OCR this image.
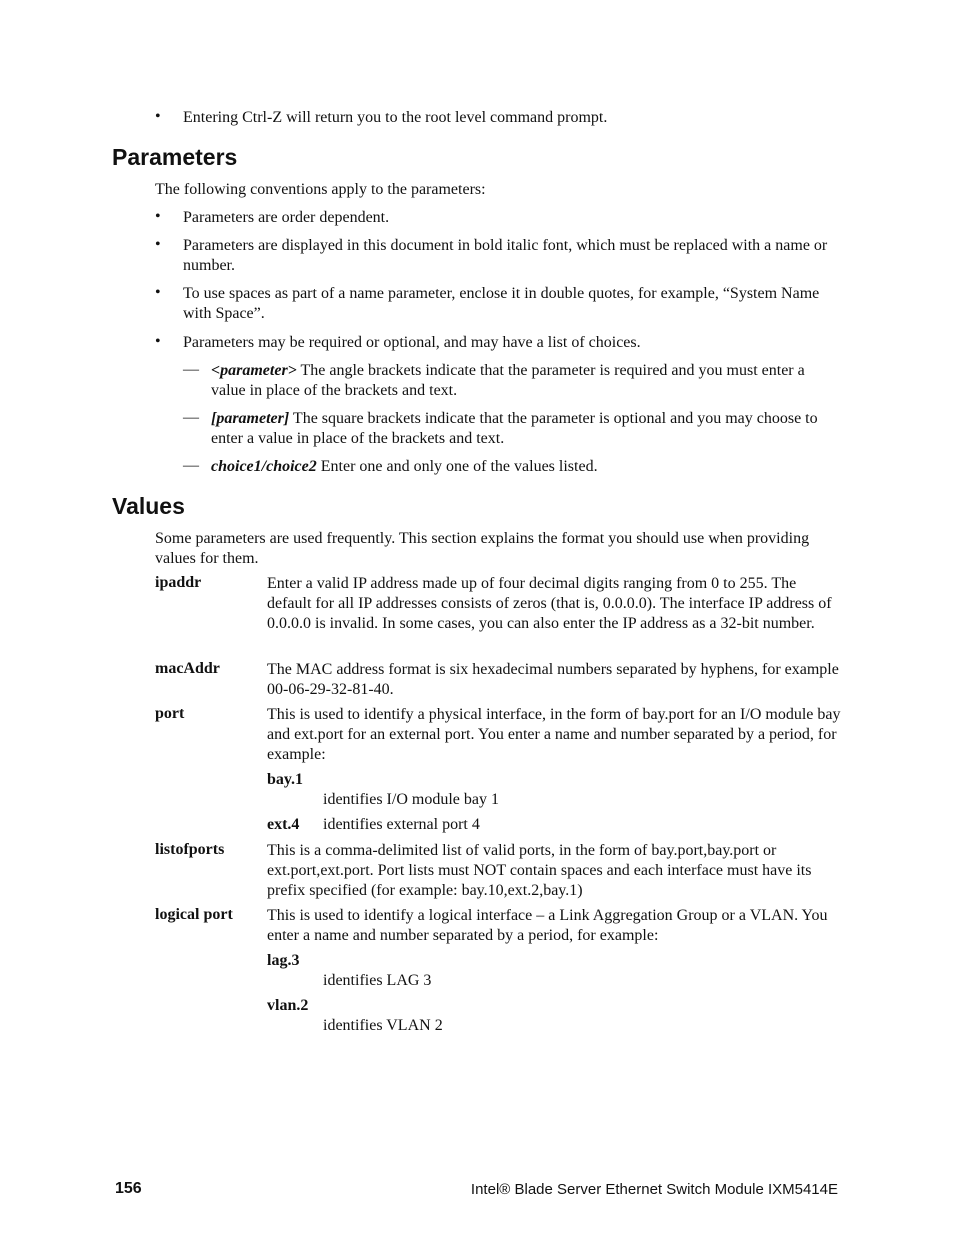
•	Entering Ctrl-Z will return you to the root level command prompt.
Parameters
The following conventions apply to the parameters:
•	Parameters are order dependent.
•	Parameters are displayed in this document in bold italic font, which must be replaced with a name or number.
•	To use spaces as part of a name parameter, enclose it in double quotes, for example, “System Name with Space”.
•	Parameters may be required or optional, and may have a list of choices.
— <parameter> The angle brackets indicate that the parameter is required and you must enter a value in place of the brackets and text.
— [parameter] The square brackets indicate that the parameter is optional and you may choose to enter a value in place of the brackets and text.
— choice1/choice2 Enter one and only one of the values listed.
Values
Some parameters are used frequently. This section explains the format you should use when providing values for them.
ipaddr	Enter a valid IP address made up of four decimal digits ranging from 0 to 255. The default for all IP addresses consists of zeros (that is, 0.0.0.0). The interface IP address of 0.0.0.0 is invalid. In some cases, you can also enter the IP address as a 32-bit number.
macAddr	The MAC address format is six hexadecimal numbers separated by hyphens, for example 00-06-29-32-81-40.
port	This is used to identify a physical interface, in the form of bay.port for an I/O module bay and ext.port for an external port. You enter a name and number separated by a period, for example:
bay.1
identifies I/O module bay 1
ext.4 identifies external port 4
listofports	This is a comma-delimited list of valid ports, in the form of bay.port,bay.port or ext.port,ext.port. Port lists must NOT contain spaces and each interface must have its prefix specified (for example: bay.10,ext.2,bay.1)
logical port This is used to identify a logical interface – a Link Aggregation Group or a VLAN. You enter a name and number separated by a period, for example:
lag.3
identifies LAG 3
vlan.2
identifies VLAN 2
156	Intel® Blade Server Ethernet Switch Module IXM5414E
